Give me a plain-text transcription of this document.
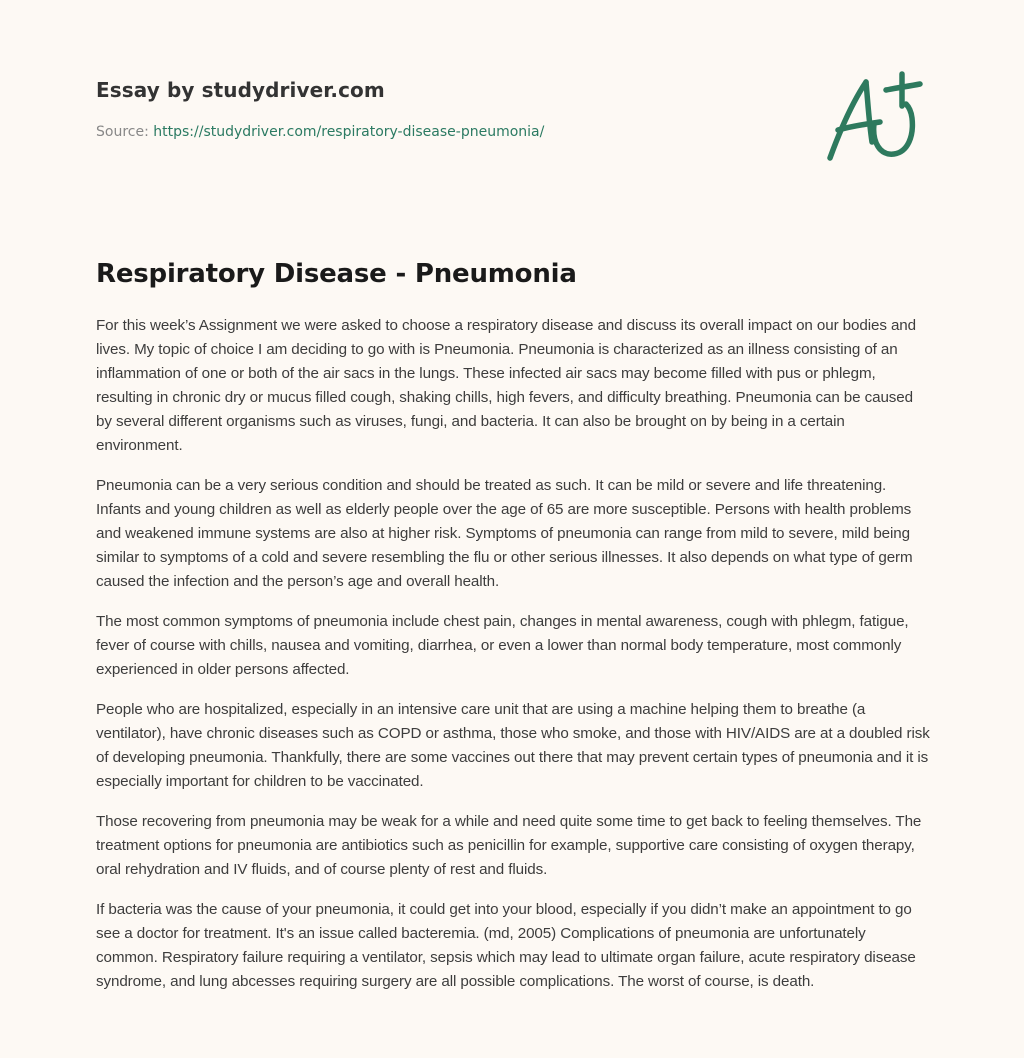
Essay by studydriver.com
Source: https://studydriver.com/respiratory-disease-pneumonia/
Respiratory Disease - Pneumonia

For this week’s Assignment we were asked to choose a respiratory disease and discuss its overall impact on our bodies and lives. My topic of choice I am deciding to go with is Pneumonia. Pneumonia is characterized as an illness consisting of an inflammation of one or both of the air sacs in the lungs. These infected air sacs may become filled with pus or phlegm, resulting in chronic dry or mucus filled cough, shaking chills, high fevers, and difficulty breathing. Pneumonia can be caused by several different organisms such as viruses, fungi, and bacteria. It can also be brought on by being in a certain environment.

Pneumonia can be a very serious condition and should be treated as such. It can be mild or severe and life threatening. Infants and young children as well as elderly people over the age of 65 are more susceptible. Persons with health problems and weakened immune systems are also at higher risk. Symptoms of pneumonia can range from mild to severe, mild being similar to symptoms of a cold and severe resembling the flu or other serious illnesses. It also depends on what type of germ caused the infection and the person’s age and overall health.

The most common symptoms of pneumonia include chest pain, changes in mental awareness, cough with phlegm, fatigue, fever of course with chills, nausea and vomiting, diarrhea, or even a lower than normal body temperature, most commonly experienced in older persons affected.

People who are hospitalized, especially in an intensive care unit that are using a machine helping them to breathe (a ventilator), have chronic diseases such as COPD or asthma, those who smoke, and those with HIV/AIDS are at a doubled risk of developing pneumonia. Thankfully, there are some vaccines out there that may prevent certain types of pneumonia and it is especially important for children to be vaccinated.

Those recovering from pneumonia may be weak for a while and need quite some time to get back to feeling themselves. The treatment options for pneumonia are antibiotics such as penicillin for example, supportive care consisting of oxygen therapy, oral rehydration and IV fluids, and of course plenty of rest and fluids.

If bacteria was the cause of your pneumonia, it could get into your blood, especially if you didn’t make an appointment to go see a doctor for treatment. It's an issue called bacteremia. (md, 2005) Complications of pneumonia are unfortunately common. Respiratory failure requiring a ventilator, sepsis which may lead to ultimate organ failure, acute respiratory disease syndrome, and lung abcesses requiring surgery are all possible complications. The worst of course, is death.
